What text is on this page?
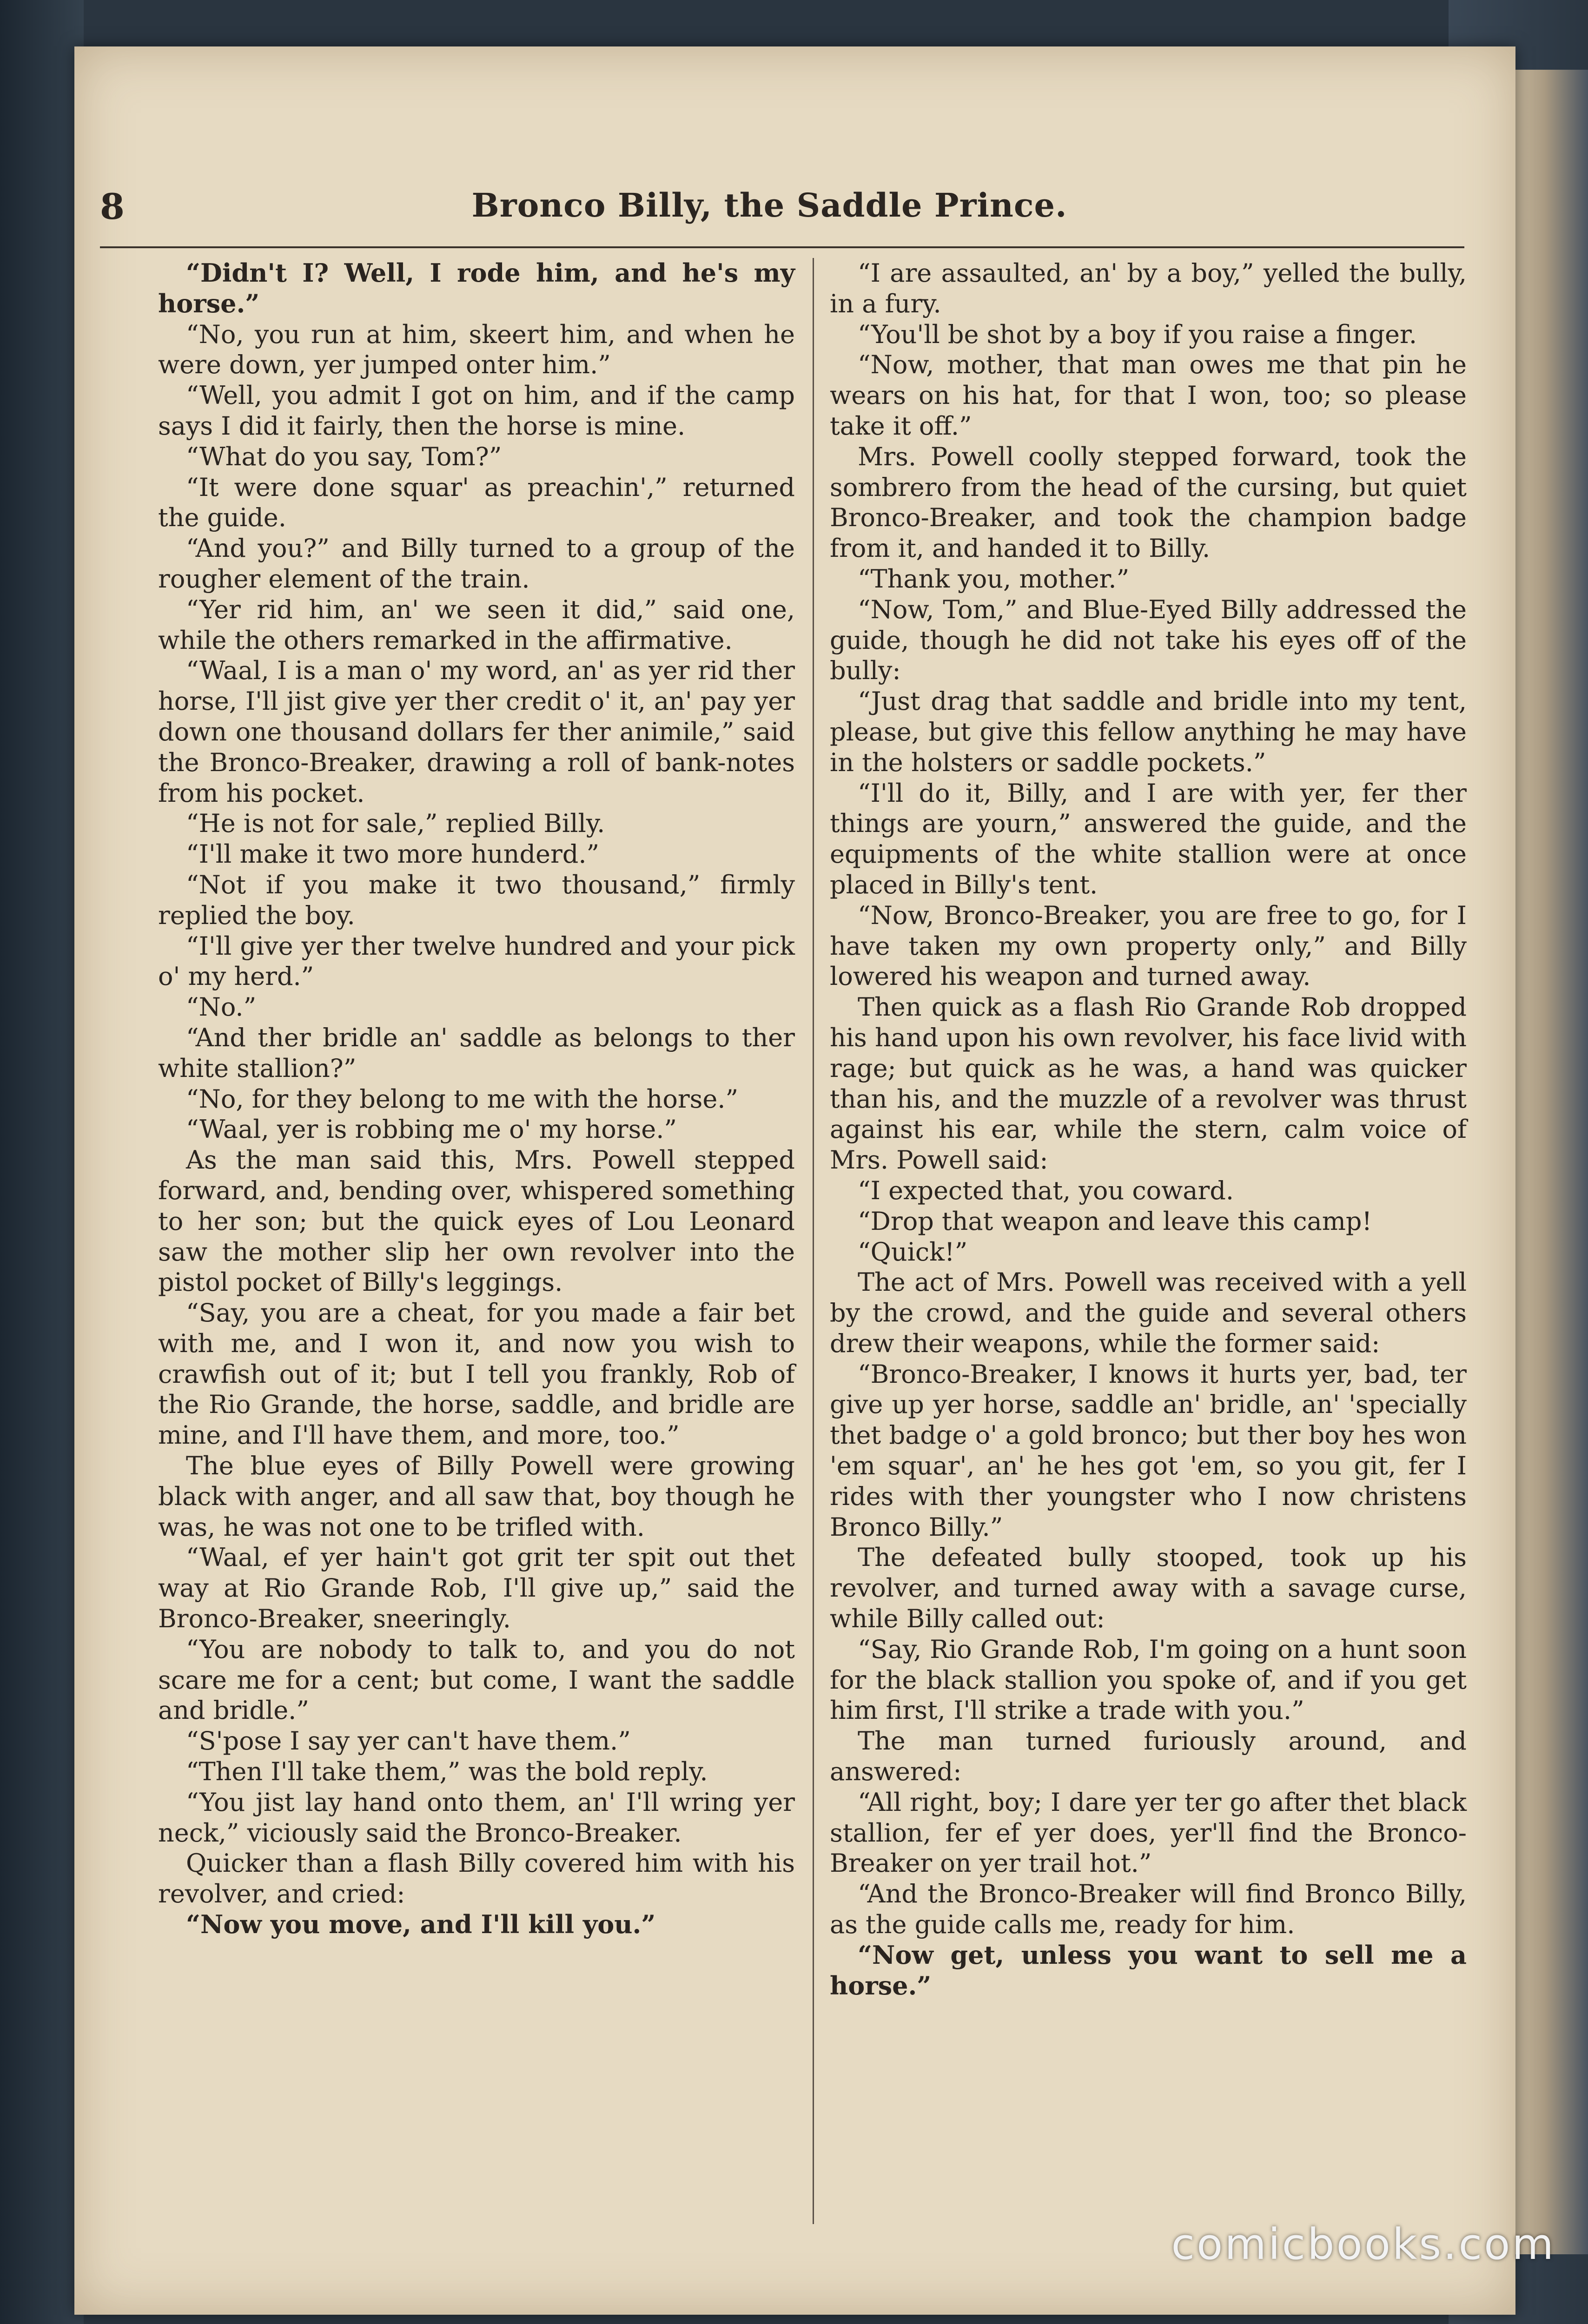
8	Bronco Billy, the Saddle Prince.

“Didn't I? Well, I rode him, and he's my horse.”

“No, you run at him, skeert him, and when he were down, yer jumped onter him.”

“Well, you admit I got on him, and if the camp says I did it fairly, then the horse is mine.

“What do you say, Tom?”

“It were done squar' as preachin',” returned the guide.

“And you?” and Billy turned to a group of the rougher element of the train.

“Yer rid him, an' we seen it did,” said one, while the others remarked in the affirmative.

“Waal, I is a man o' my word, an' as yer rid ther horse, I'll jist give yer ther credit o' it, an' pay yer down one thousand dollars fer ther animile,” said the Bronco-Breaker, drawing a roll of bank-notes from his pocket.

“He is not for sale,” replied Billy.

“I'll make it two more hunderd.”

“Not if you make it two thousand,” firmly replied the boy.

“I'll give yer ther twelve hundred and your pick o' my herd.”

“No.”

“And ther bridle an' saddle as belongs to ther white stallion?”

“No, for they belong to me with the horse.”

“Waal, yer is robbing me o' my horse.”

As the man said this, Mrs. Powell stepped forward, and, bending over, whispered something to her son; but the quick eyes of Lou Leonard saw the mother slip her own revolver into the pistol pocket of Billy's leggings.

“Say, you are a cheat, for you made a fair bet with me, and I won it, and now you wish to crawfish out of it; but I tell you frankly, Rob of the Rio Grande, the horse, saddle, and bridle are mine, and I'll have them, and more, too.”

The blue eyes of Billy Powell were growing black with anger, and all saw that, boy though he was, he was not one to be trifled with.

“Waal, ef yer hain't got grit ter spit out thet way at Rio Grande Rob, I'll give up,” said the Bronco-Breaker, sneeringly.

“You are nobody to talk to, and you do not scare me for a cent; but come, I want the saddle and bridle.”

“S'pose I say yer can't have them.”

“Then I'll take them,” was the bold reply.

“You jist lay hand onto them, an' I'll wring yer neck,” viciously said the Bronco-Breaker.

Quicker than a flash Billy covered him with his revolver, and cried:

“Now you move, and I'll kill you.”

“I are assaulted, an' by a boy,” yelled the bully, in a fury.

“You'll be shot by a boy if you raise a finger.

“Now, mother, that man owes me that pin he wears on his hat, for that I won, too; so please take it off.”

Mrs. Powell coolly stepped forward, took the sombrero from the head of the cursing, but quiet Bronco-Breaker, and took the champion badge from it, and handed it to Billy.

“Thank you, mother.”

“Now, Tom,” and Blue-Eyed Billy addressed the guide, though he did not take his eyes off of the bully:

“Just drag that saddle and bridle into my tent, please, but give this fellow anything he may have in the holsters or saddle pockets.”

“I'll do it, Billy, and I are with yer, fer ther things are yourn,” answered the guide, and the equipments of the white stallion were at once placed in Billy's tent.

“Now, Bronco-Breaker, you are free to go, for I have taken my own property only,” and Billy lowered his weapon and turned away.

Then quick as a flash Rio Grande Rob dropped his hand upon his own revolver, his face livid with rage; but quick as he was, a hand was quicker than his, and the muzzle of a revolver was thrust against his ear, while the stern, calm voice of Mrs. Powell said:

“I expected that, you coward.

“Drop that weapon and leave this camp!

“Quick!”

The act of Mrs. Powell was received with a yell by the crowd, and the guide and several others drew their weapons, while the former said:

“Bronco-Breaker, I knows it hurts yer, bad, ter give up yer horse, saddle an' bridle, an' 'specially thet badge o' a gold bronco; but ther boy hes won 'em squar', an' he hes got 'em, so you git, fer I rides with ther youngster who I now christens Bronco Billy.”

The defeated bully stooped, took up his revolver, and turned away with a savage curse, while Billy called out:

“Say, Rio Grande Rob, I'm going on a hunt soon for the black stallion you spoke of, and if you get him first, I'll strike a trade with you.”

The man turned furiously around, and answered:

“All right, boy; I dare yer ter go after thet black stallion, fer ef yer does, yer'll find the Bronco-Breaker on yer trail hot.”

“And the Bronco-Breaker will find Bronco Billy, as the guide calls me, ready for him.

“Now get, unless you want to sell me a horse.”

comicbooks.com
